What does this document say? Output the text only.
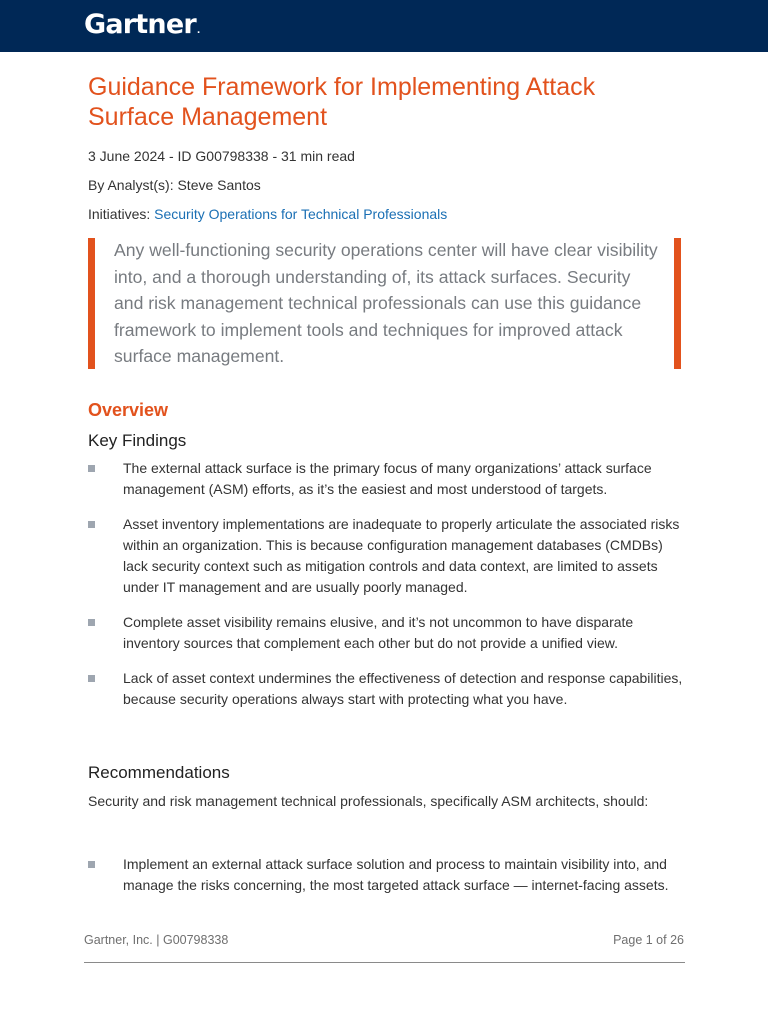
Gartner.
Guidance Framework for Implementing Attack Surface Management
3 June 2024 - ID G00798338 - 31 min read
By Analyst(s): Steve Santos
Initiatives: Security Operations for Technical Professionals

Any well-functioning security operations center will have clear visibility into, and a thorough understanding of, its attack surfaces. Security and risk management technical professionals can use this guidance framework to implement tools and techniques for improved attack surface management.

Overview
Key Findings
The external attack surface is the primary focus of many organizations’ attack surface management (ASM) efforts, as it’s the easiest and most understood of targets.
Asset inventory implementations are inadequate to properly articulate the associated risks within an organization. This is because configuration management databases (CMDBs) lack security context such as mitigation controls and data context, are limited to assets under IT management and are usually poorly managed.
Complete asset visibility remains elusive, and it’s not uncommon to have disparate inventory sources that complement each other but do not provide a unified view.
Lack of asset context undermines the effectiveness of detection and response capabilities, because security operations always start with protecting what you have.
Recommendations

Security and risk management technical professionals, specifically ASM architects, should:

Implement an external attack surface solution and process to maintain visibility into, and manage the risks concerning, the most targeted attack surface — internet-facing assets.
Gartner, Inc. | G00798338	Page 1 of 26
